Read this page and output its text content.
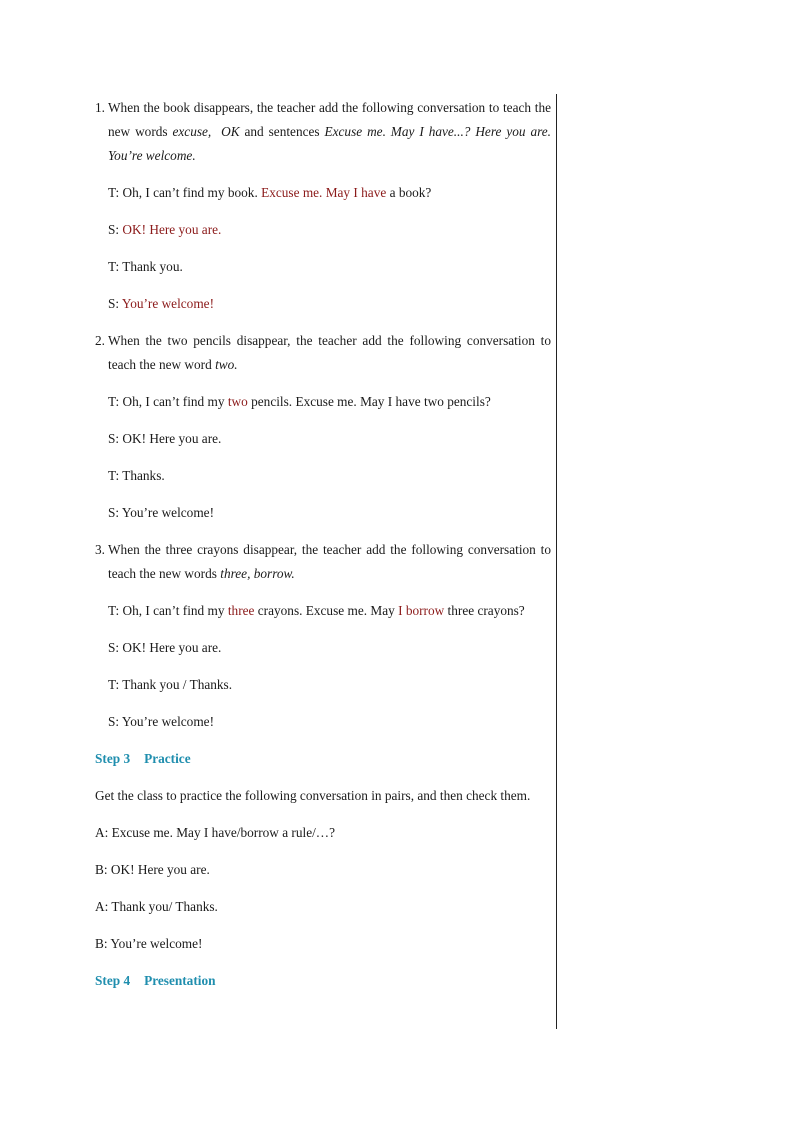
1. When the book disappears, the teacher add the following conversation to teach the new words excuse, OK and sentences Excuse me. May I have...? Here you are. You’re welcome.

T: Oh, I can’t find my book. Excuse me. May I have a book?

S: OK! Here you are.

T: Thank you.

S: You’re welcome!

2. When the two pencils disappear, the teacher add the following conversation to teach the new word two.

T: Oh, I can’t find my two pencils. Excuse me. May I have two pencils?

S: OK! Here you are.

T: Thanks.

S: You’re welcome!

3. When the three crayons disappear, the teacher add the following conversation to teach the new words three, borrow.

T: Oh, I can’t find my three crayons. Excuse me. May I borrow three crayons?

S: OK! Here you are.

T: Thank you / Thanks.

S: You’re welcome!

Step 3 Practice

Get the class to practice the following conversation in pairs, and then check them.

A: Excuse me. May I have/borrow a rule/…?

B: OK! Here you are.

A: Thank you/ Thanks.

B: You’re welcome!

Step 4 Presentation
